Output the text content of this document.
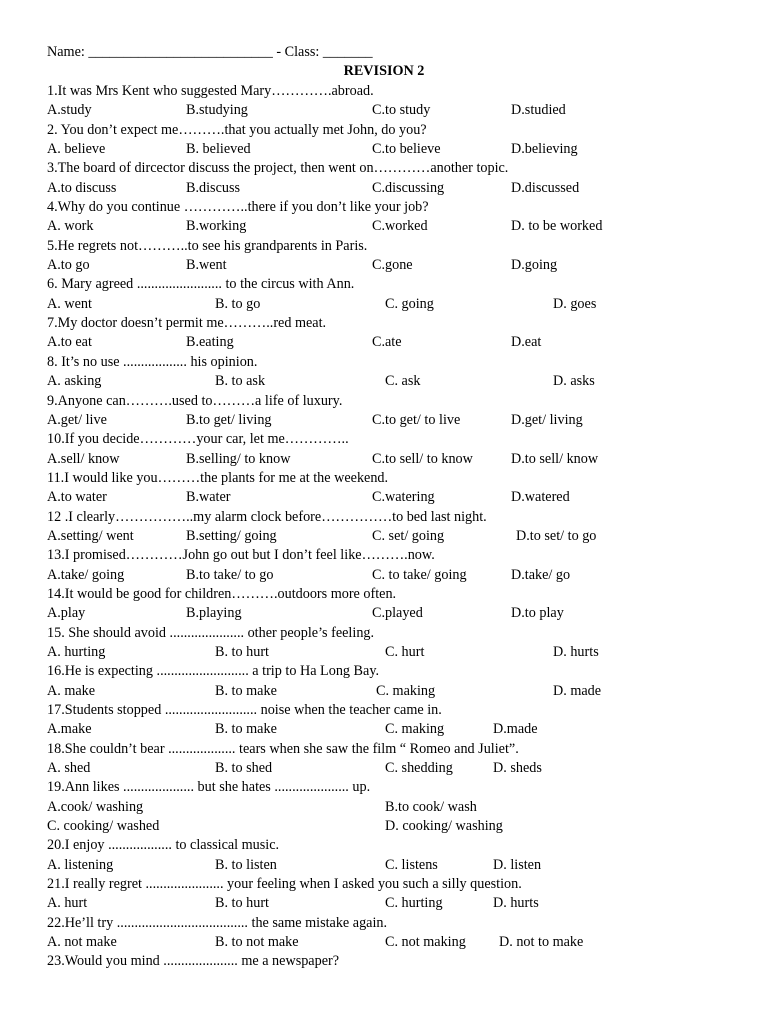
Name: __________________________ - Class: _______
REVISION 2
1.It was Mrs Kent who suggested Mary………….abroad.
A.study	B.studying	C.to study	D.studied
2. You don’t expect me……….that you actually met John, do you?
A. believe	B. believed	C.to believe	D.believing
3.The board of dircector discuss the project, then went on…………another topic.
A.to discuss	B.discuss	C.discussing	D.discussed
4.Why do you continue …………..there if you don’t like your job?
A. work	B.working	C.worked	D. to be worked
5.He regrets not………..to see his grandparents in Paris.
A.to go	B.went	C.gone	D.going
6. Mary agreed ........................ to the circus with Ann.
A. went	B. to go	C. going	D. goes
7.My doctor doesn’t permit me………..red meat.
A.to eat	B.eating	C.ate	D.eat
8. It’s no use .................. his opinion.
A. asking	B. to ask	C. ask	D. asks
9.Anyone can……….used to………a life of luxury.
A.get/ live	B.to get/ living	C.to get/ to live	D.get/ living
10.If you decide…………your car, let me…………..
A.sell/ know	B.selling/ to know	C.to sell/ to know	D.to sell/ know
11.I would like you………the plants for me at the weekend.
A.to water	B.water	C.watering	D.watered
12 .I clearly……………..my alarm clock before……………to bed last night.
A.setting/ went	B.setting/ going	C. set/ going	D.to set/ to go
13.I promised…………John go out but I don’t feel like……….now.
A.take/ going	B.to take/ to go	C. to take/ going	D.take/ go
14.It would be good for children……….outdoors more often.
A.play	B.playing	C.played	D.to play
15. She should avoid ..................... other people’s feeling.
A. hurting	B. to hurt	C. hurt	D. hurts
16.He is expecting .......................... a trip to Ha Long Bay.
A. make	B. to make	C. making	D. made
17.Students stopped .......................... noise when the teacher came in.
A.make	B. to make	C. making	D.made
18.She couldn’t bear ................... tears when she saw the film “ Romeo and Juliet”.
A. shed	B. to shed	C. shedding	D. sheds
19.Ann likes .................... but she hates ..................... up.
A.cook/ washing	B.to cook/ wash
C. cooking/ washed	D. cooking/ washing
20.I enjoy .................. to classical music.
A. listening	B. to listen	C. listens	D. listen
21.I really regret ...................... your feeling when I asked you such a silly question.
A. hurt	B. to hurt	C. hurting	D. hurts
22.He’ll try ..................................... the same mistake again.
A. not make	B. to not make	C. not making D. not to make
23.Would you mind ..................... me a newspaper?
